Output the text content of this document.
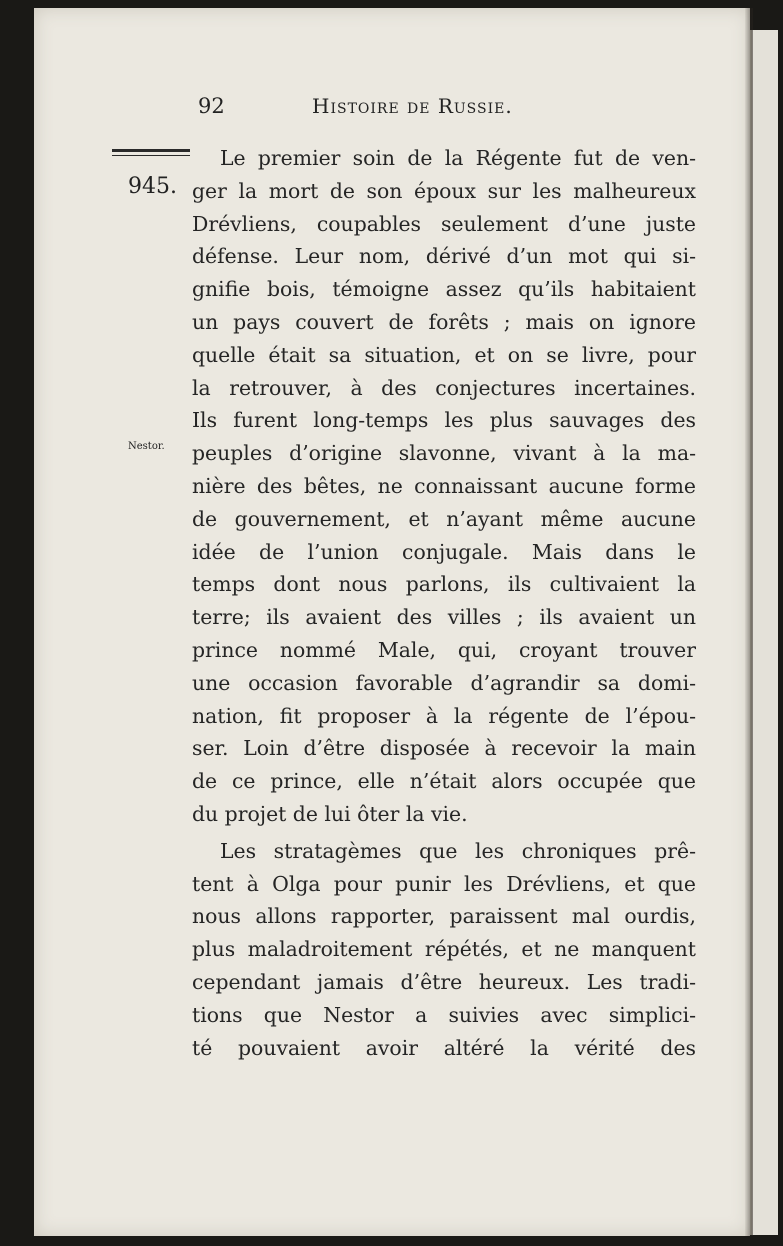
92	Histoire de Russie.
945.
Nestor.
Le premier soin de la Régente fut de ven-
ger la mort de son époux sur les malheureux
Drévliens, coupables seulement d’une juste
défense. Leur nom, dérivé d’un mot qui si-
gnifie bois, témoigne assez qu’ils habitaient
un pays couvert de forêts ; mais on ignore
quelle était sa situation, et on se livre, pour
la retrouver, à des conjectures incertaines.
Ils furent long-temps les plus sauvages des
peuples d’origine slavonne, vivant à la ma-
nière des bêtes, ne connaissant aucune forme
de gouvernement, et n’ayant même aucune
idée de l’union conjugale. Mais dans le
temps dont nous parlons, ils cultivaient la
terre; ils avaient des villes ; ils avaient un
prince nommé Male, qui, croyant trouver
une occasion favorable d’agrandir sa domi-
nation, fit proposer à la régente de l’épou-
ser. Loin d’être disposée à recevoir la main
de ce prince, elle n’était alors occupée que
du projet de lui ôter la vie.
Les stratagèmes que les chroniques prê-
tent à Olga pour punir les Drévliens, et que
nous allons rapporter, paraissent mal ourdis,
plus maladroitement répétés, et ne manquent
cependant jamais d’être heureux. Les tradi-
tions que Nestor a suivies avec simplici-
té pouvaient avoir altéré la vérité des
